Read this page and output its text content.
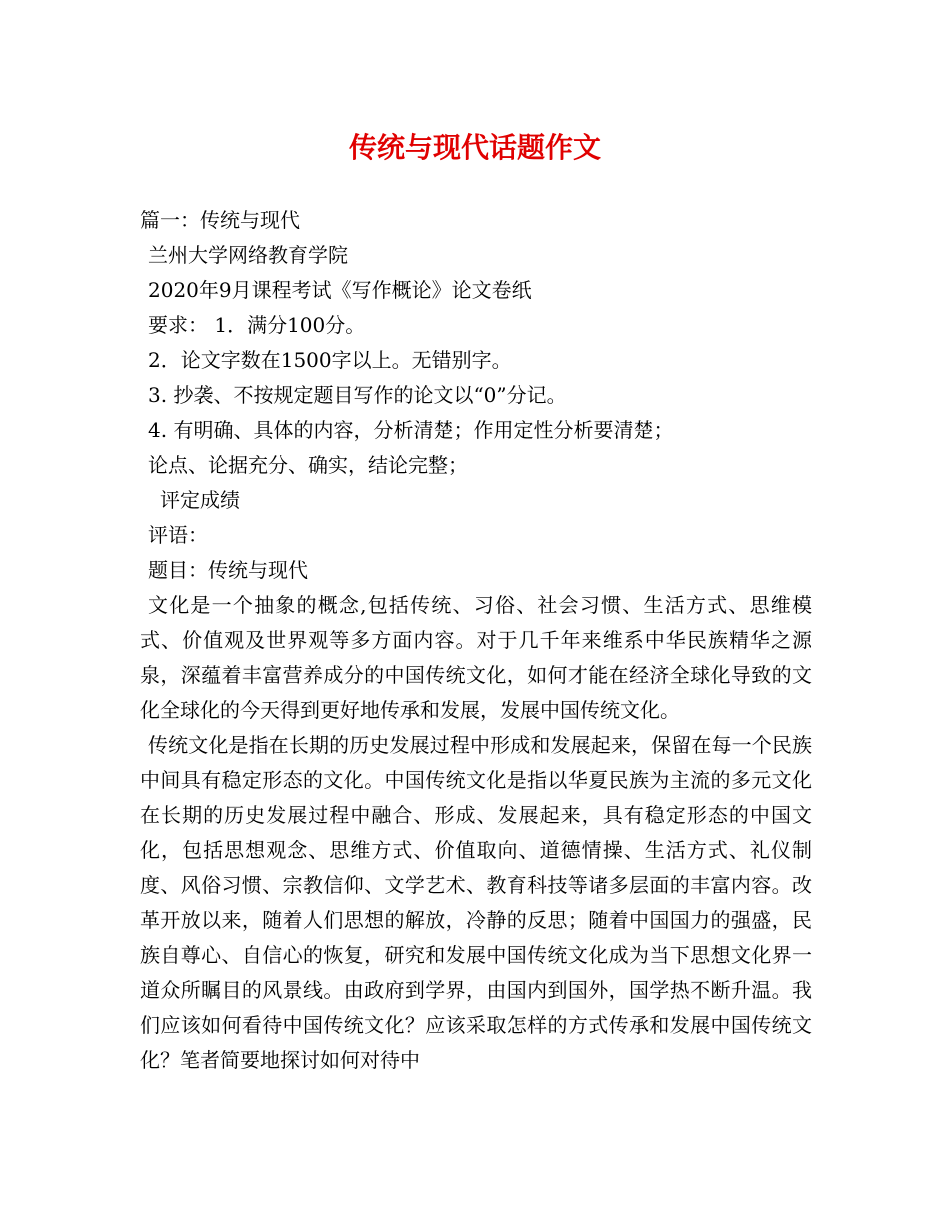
传统与现代话题作文

篇一：传统与现代

兰州大学网络教育学院

2020年9月课程考试《写作概论》论文卷纸

要求： 1．满分100分。

2．论文字数在1500字以上。无错别字。

3. 抄袭、不按规定题目写作的论文以“0”分记。

4. 有明确、具体的内容，分析清楚；作用定性分析要清楚；

论点、论据充分、确实，结论完整；

评定成绩

评语：

题目：传统与现代

文化是一个抽象的概念,包括传统、习俗、社会习惯、生活方式、思维模式、价值观及世界观等多方面内容。对于几千年来维系中华民族精华之源泉，深蕴着丰富营养成分的中国传统文化，如何才能在经济全球化导致的文化全球化的今天得到更好地传承和发展，发展中国传统文化。

传统文化是指在长期的历史发展过程中形成和发展起来，保留在每一个民族中间具有稳定形态的文化。中国传统文化是指以华夏民族为主流的多元文化在长期的历史发展过程中融合、形成、发展起来，具有稳定形态的中国文化，包括思想观念、思维方式、价值取向、道德情操、生活方式、礼仪制度、风俗习惯、宗教信仰、文学艺术、教育科技等诸多层面的丰富内容。改革开放以来，随着人们思想的解放，冷静的反思；随着中国国力的强盛，民族自尊心、自信心的恢复，研究和发展中国传统文化成为当下思想文化界一道众所瞩目的风景线。由政府到学界，由国内到国外，国学热不断升温。我们应该如何看待中国传统文化？应该采取怎样的方式传承和发展中国传统文化？笔者简要地探讨如何对待中
